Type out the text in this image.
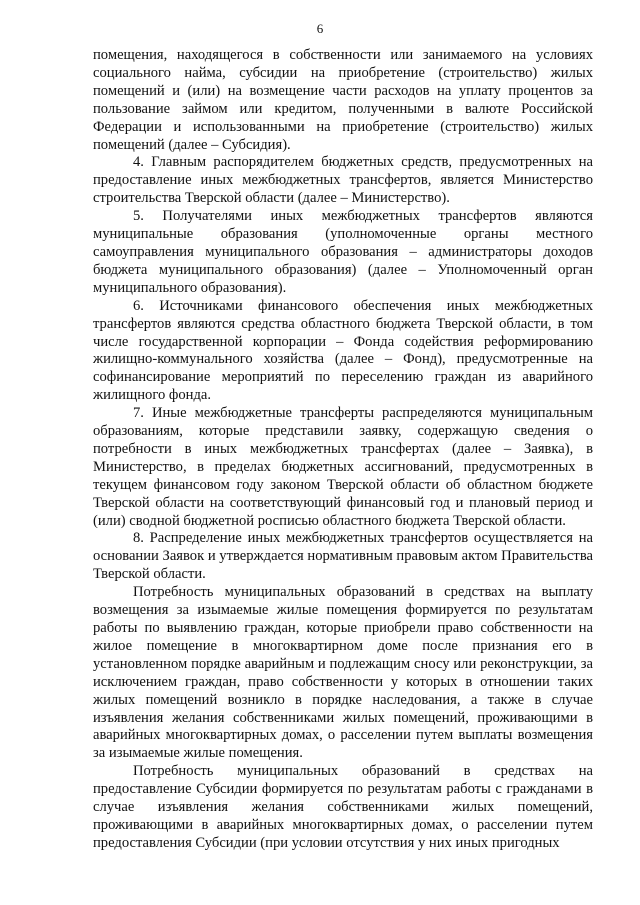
6

помещения, находящегося в собственности или занимаемого на условиях социального найма, субсидии на приобретение (строительство) жилых помещений и (или) на возмещение части расходов на уплату процентов за пользование займом или кредитом, полученными в валюте Российской Федерации и использованными на приобретение (строительство) жилых помещений (далее – Субсидия).

4. Главным распорядителем бюджетных средств, предусмотренных на предоставление иных межбюджетных трансфертов, является Министерство строительства Тверской области (далее – Министерство).

5. Получателями иных межбюджетных трансфертов являются муниципальные образования (уполномоченные органы местного самоуправления муниципального образования – администраторы доходов бюджета муниципального образования) (далее – Уполномоченный орган муниципального образования).

6. Источниками финансового обеспечения иных межбюджетных трансфертов являются средства областного бюджета Тверской области, в том числе государственной корпорации – Фонда содействия реформированию жилищно-коммунального хозяйства (далее – Фонд), предусмотренные на софинансирование мероприятий по переселению граждан из аварийного жилищного фонда.

7. Иные межбюджетные трансферты распределяются муниципальным образованиям, которые представили заявку, содержащую сведения о потребности в иных межбюджетных трансфертах (далее – Заявка), в Министерство, в пределах бюджетных ассигнований, предусмотренных в текущем финансовом году законом Тверской области об областном бюджете Тверской области на соответствующий финансовый год и плановый период и (или) сводной бюджетной росписью областного бюджета Тверской области.

8. Распределение иных межбюджетных трансфертов осуществляется на основании Заявок и утверждается нормативным правовым актом Правительства Тверской области.

Потребность муниципальных образований в средствах на выплату возмещения за изымаемые жилые помещения формируется по результатам работы по выявлению граждан, которые приобрели право собственности на жилое помещение в многоквартирном доме после признания его в установленном порядке аварийным и подлежащим сносу или реконструкции, за исключением граждан, право собственности у которых в отношении таких жилых помещений возникло в порядке наследования, а также в случае изъявления желания собственниками жилых помещений, проживающими в аварийных многоквартирных домах, о расселении путем выплаты возмещения за изымаемые жилые помещения.

Потребность муниципальных образований в средствах на предоставление Субсидии формируется по результатам работы с гражданами в случае изъявления желания собственниками жилых помещений, проживающими в аварийных многоквартирных домах, о расселении путем предоставления Субсидии (при условии отсутствия у них иных пригодных
